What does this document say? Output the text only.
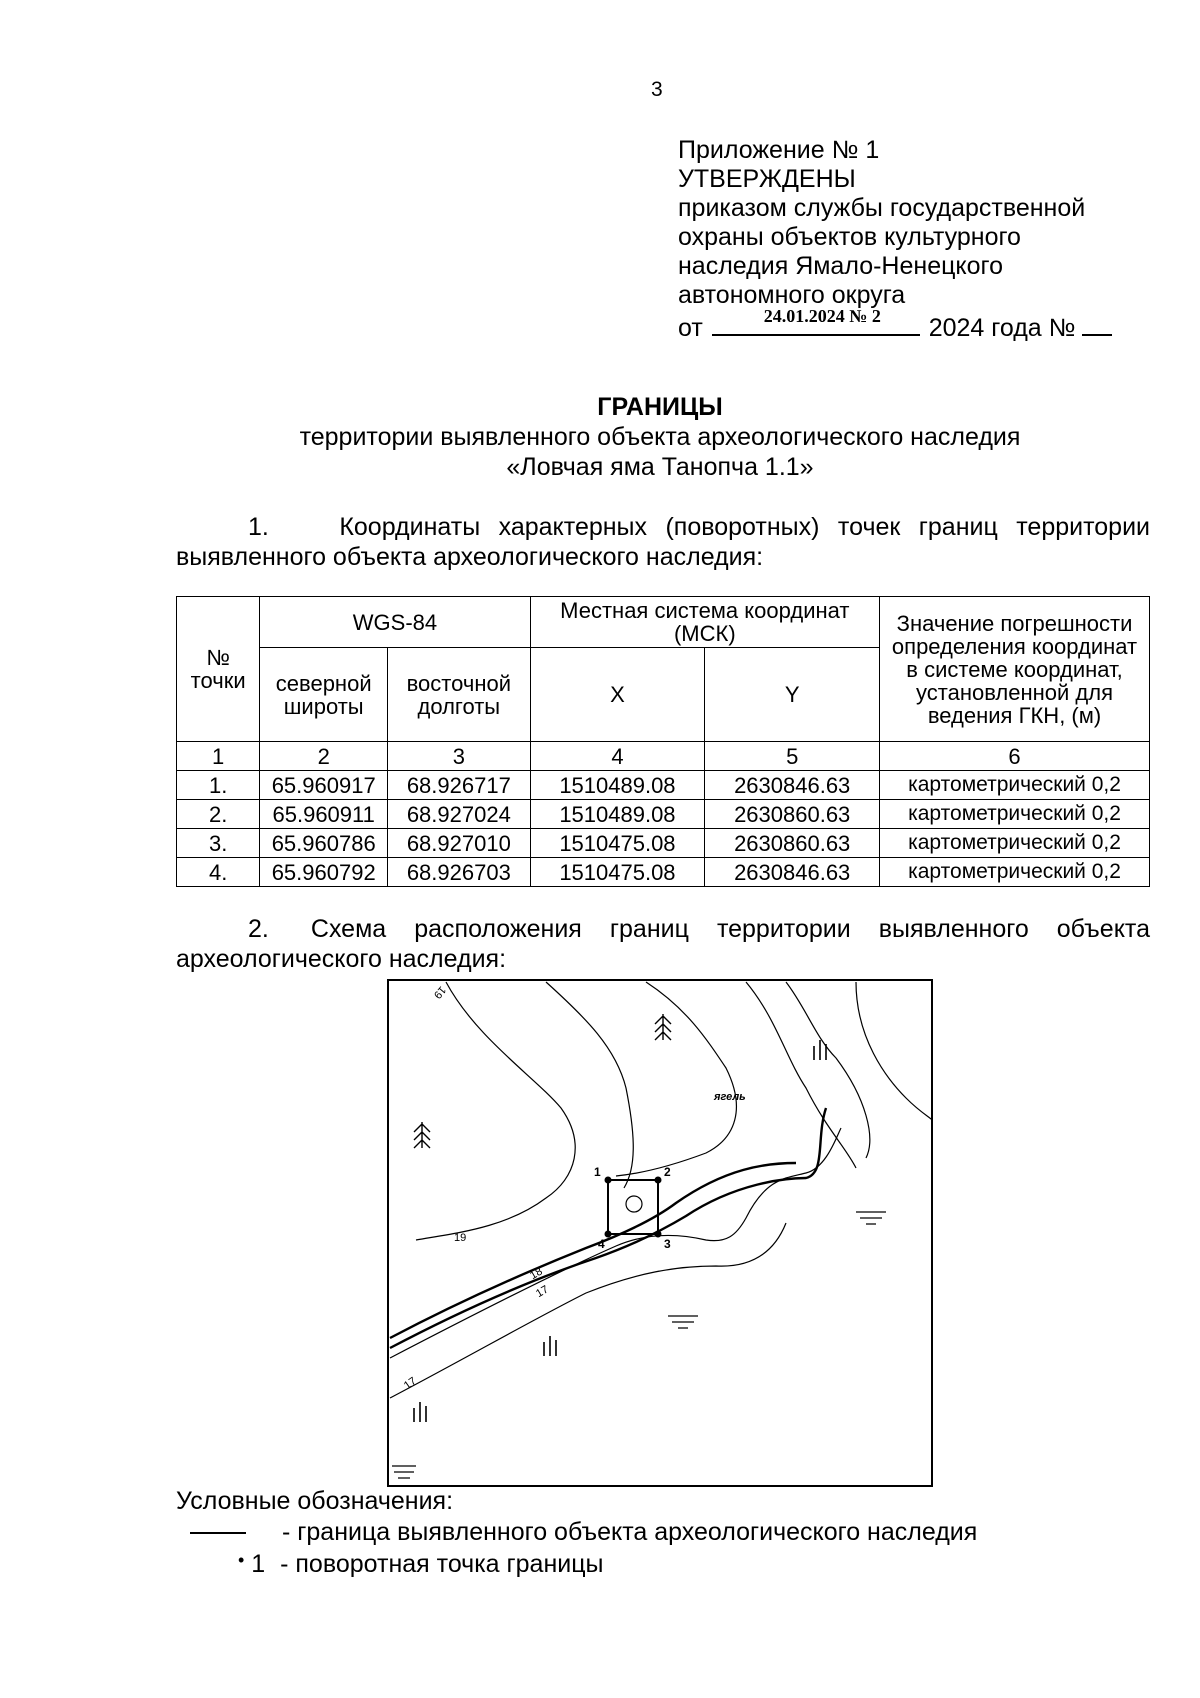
3
Приложение № 1
УТВЕРЖДЕНЫ
приказом службы государственной
охраны объектов культурного
наследия Ямало-Ненецкого
автономного округа
от	24.01.2024 № 2 2024 года №
ГРАНИЦЫ
территории выявленного объекта археологического наследия
«Ловчая яма Танопча 1.1»
1.	Координаты характерных (поворотных) точек границ территории выявленного объекта археологического наследия:
№ точки	WGS-84		Местная система координат (МСК)		Значение погрешности определения координат в системе координат, установленной для ведения ГКН, (м)
	северной широты	восточной долготы	X	Y	
1	2	3	4	5	6
1.	65.960917	68.926717	1510489.08	2630846.63	картометрический 0,2
2.	65.960911	68.927024	1510489.08	2630860.63	картометрический 0,2
3.	65.960786	68.927010	1510475.08	2630860.63	картометрический 0,2
4.	65.960792	68.926703	1510475.08	2630846.63	картометрический 0,2
2. Схема расположения границ территории выявленного объекта археологического наследия:
1	2
3
4
ягель
19
19
18
17
17
Условные обозначения:
- граница выявленного объекта археологического наследия
• 1 - поворотная точка границы
